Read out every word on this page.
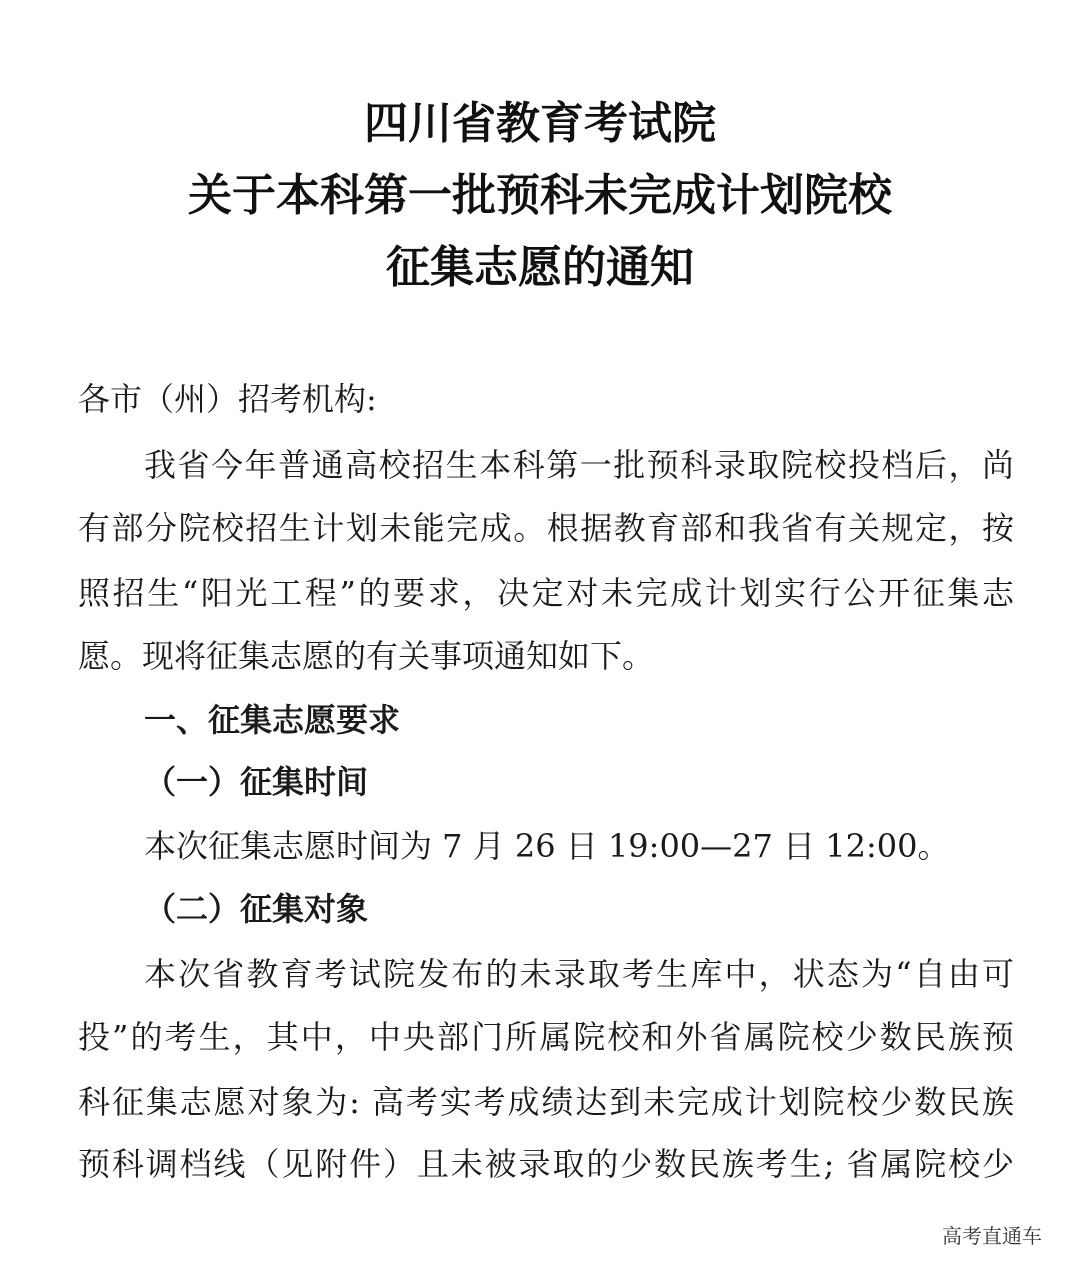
四川省教育考试院
关于本科第一批预科未完成计划院校
征集志愿的通知
各市（州）招考机构:
我省今年普通高校招生本科第一批预科录取院校投档后，尚
有部分院校招生计划未能完成。根据教育部和我省有关规定，按
照招生“阳光工程”的要求，决定对未完成计划实行公开征集志
愿。现将征集志愿的有关事项通知如下。
一、征集志愿要求
（一）征集时间
本次征集志愿时间为 7 月 26 日 19:00—27 日 12:00。
（二）征集对象
本次省教育考试院发布的未录取考生库中，状态为“自由可
投”的考生，其中，中央部门所属院校和外省属院校少数民族预
科征集志愿对象为: 高考实考成绩达到未完成计划院校少数民族
预科调档线（见附件）且未被录取的少数民族考生; 省属院校少
高考直通车
